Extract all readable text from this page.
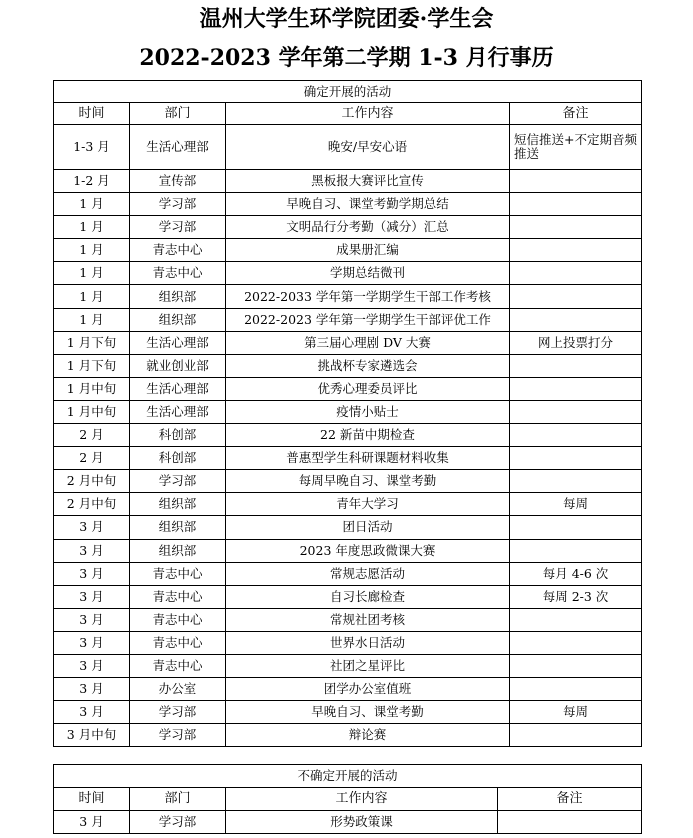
温州大学生环学院团委·学生会
2022-2023 学年第二学期 1-3 月行事历
确定开展的活动			
时间	部门	工作内容	备注
1-3 月	生活心理部	晚安/早安心语	短信推送+不定期音频推送
1-2 月	宣传部	黑板报大赛评比宣传	
1 月	学习部	早晚自习、课堂考勤学期总结	
1 月	学习部	文明品行分考勤（减分）汇总	
1 月	青志中心	成果册汇编	
1 月	青志中心	学期总结微刊	
1 月	组织部	2022-2033 学年第一学期学生干部工作考核	
1 月	组织部	2022-2023 学年第一学期学生干部评优工作	
1 月下旬	生活心理部	第三届心理剧 DV 大赛	网上投票打分
1 月下旬	就业创业部	挑战杯专家遴选会	
1 月中旬	生活心理部	优秀心理委员评比	
1 月中旬	生活心理部	疫情小贴士	
2 月	科创部	22 新苗中期检查	
2 月	科创部	普惠型学生科研课题材料收集	
2 月中旬	学习部	每周早晚自习、课堂考勤	
2 月中旬	组织部	青年大学习	每周
3 月	组织部	团日活动	
3 月	组织部	2023 年度思政微课大赛	
3 月	青志中心	常规志愿活动	每月 4-6 次
3 月	青志中心	自习长廊检查	每周 2-3 次
3 月	青志中心	常规社团考核	
3 月	青志中心	世界水日活动	
3 月	青志中心	社团之星评比	
3 月	办公室	团学办公室值班	
3 月	学习部	早晚自习、课堂考勤	每周
3 月中旬	学习部	辩论赛	
不确定开展的活动			
时间	部门	工作内容	备注
3 月	学习部	形势政策课	
